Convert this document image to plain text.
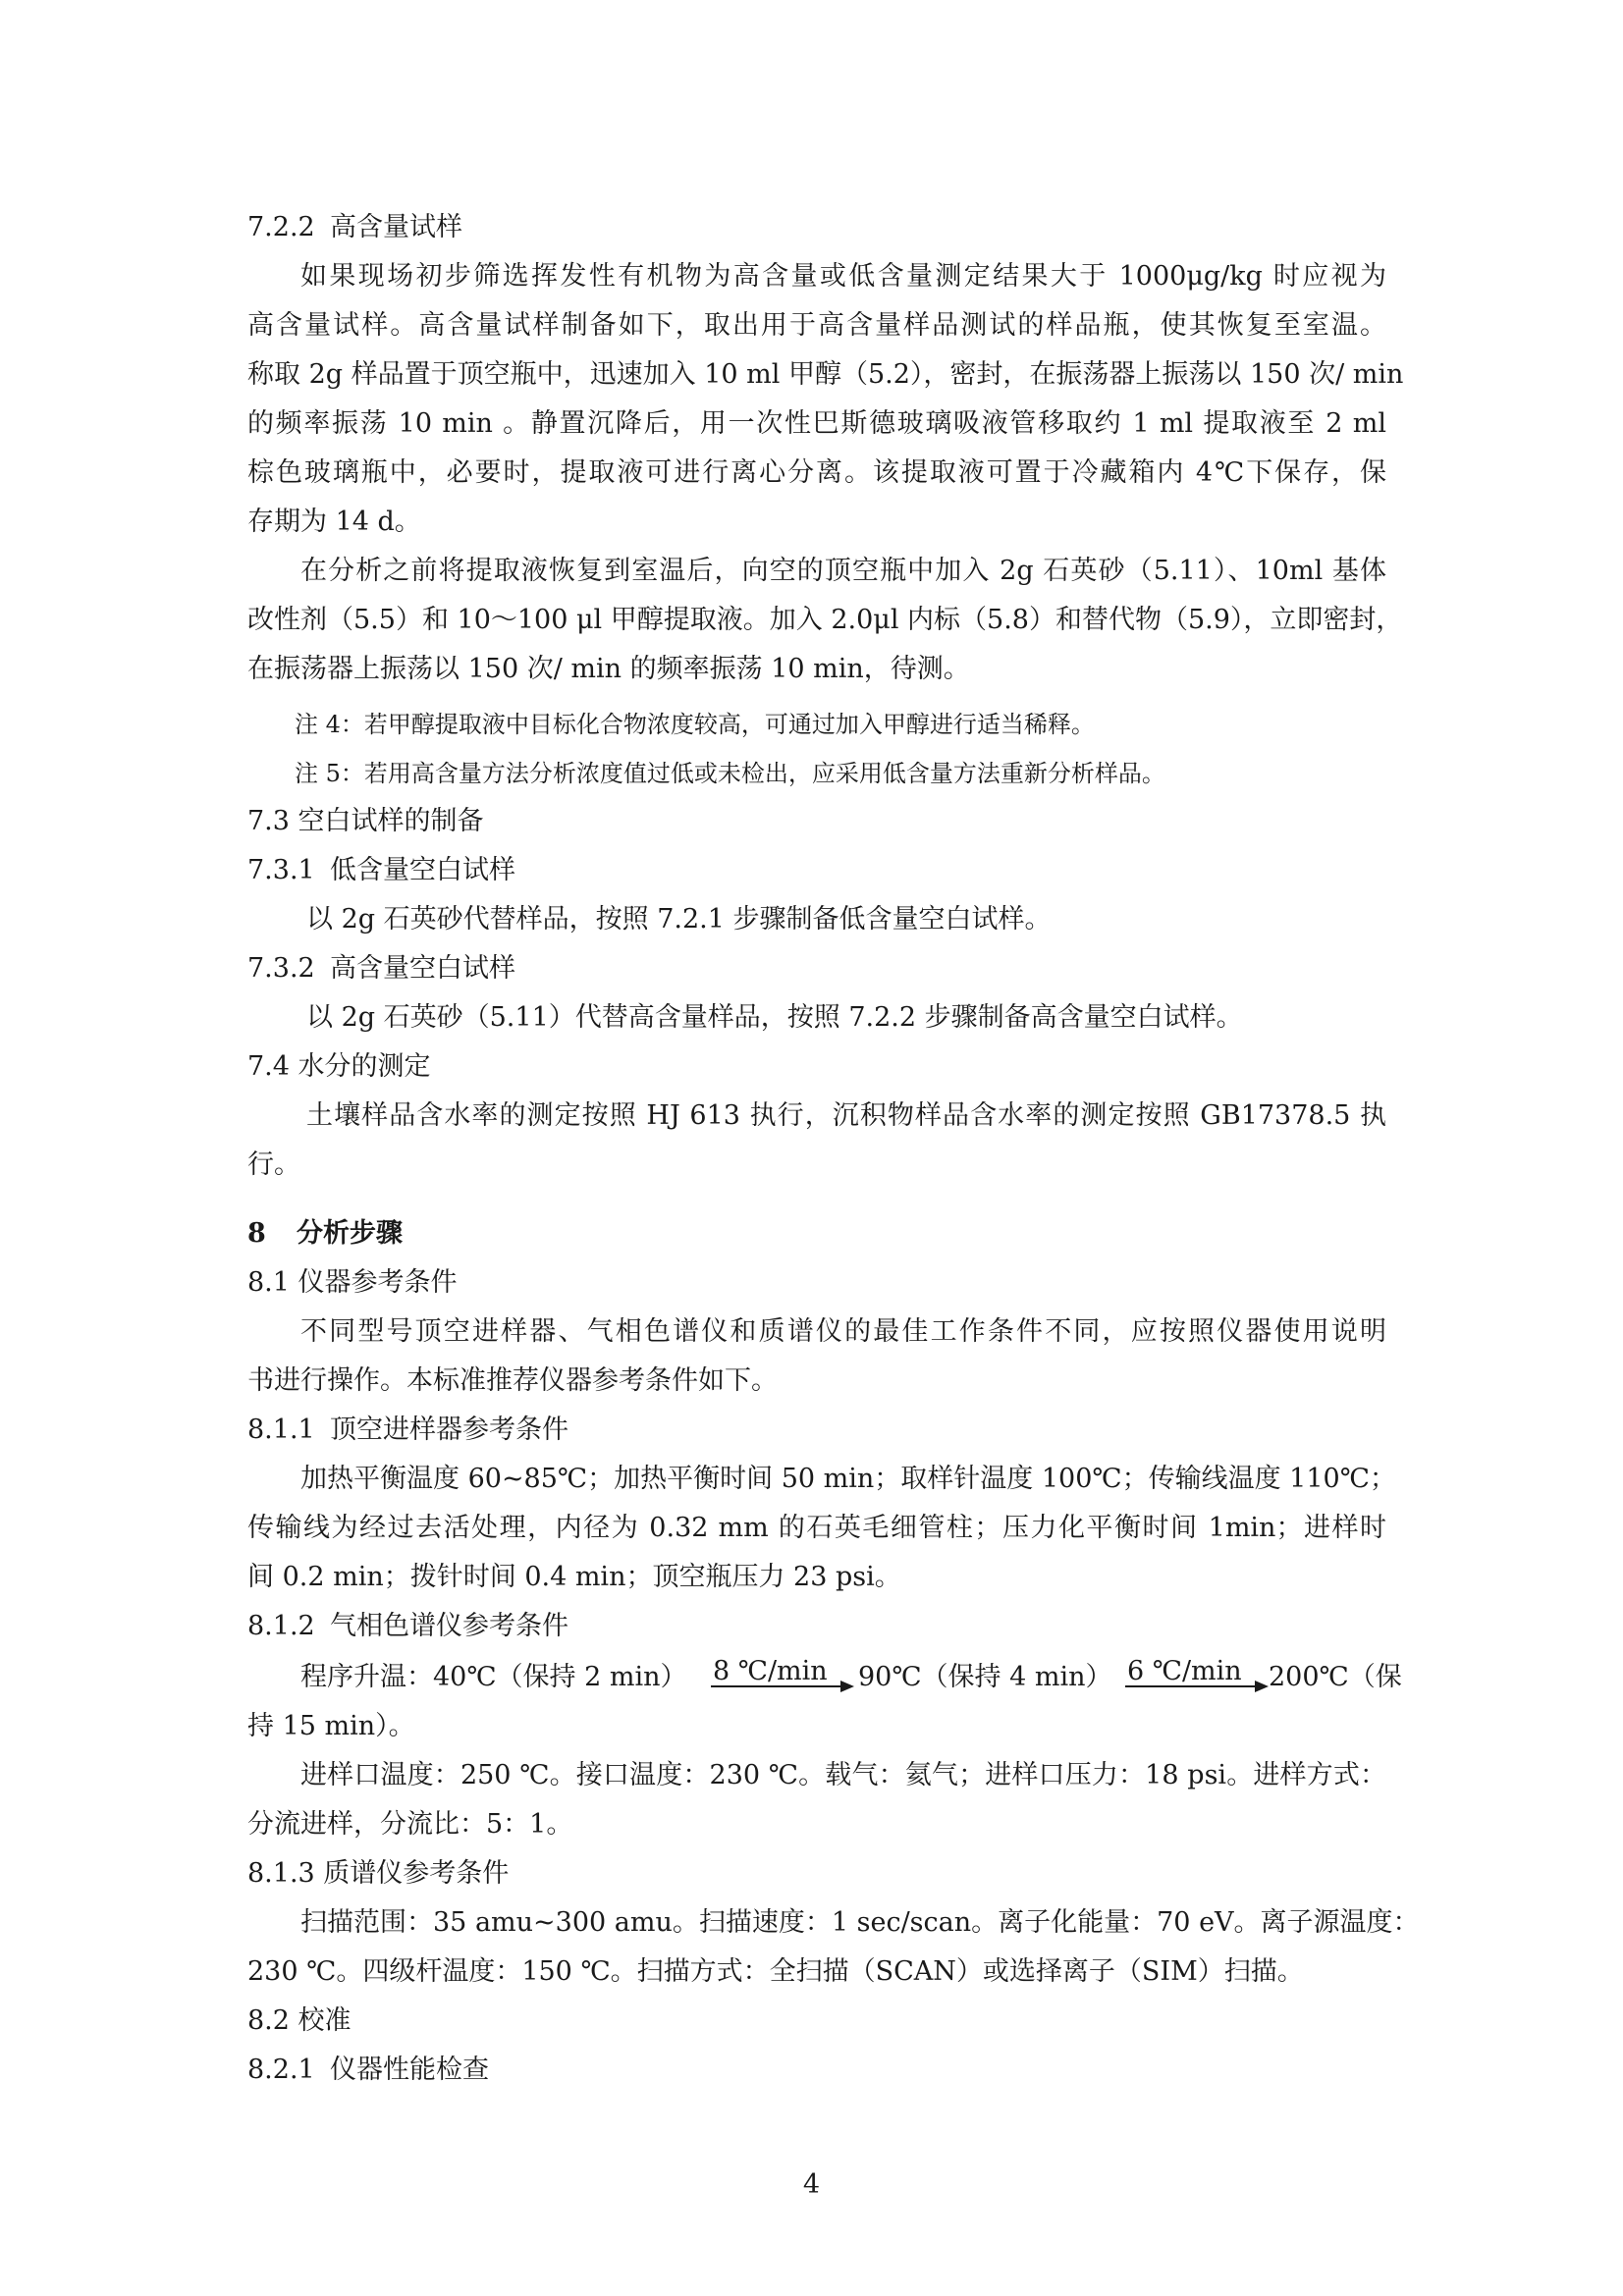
7.2.2 高含量试样
如果现场初步筛选挥发性有机物为高含量或低含量测定结果大于 1000μg/kg 时应视为
高含量试样。高含量试样制备如下，取出用于高含量样品测试的样品瓶，使其恢复至室温。
称取 2g 样品置于顶空瓶中，迅速加入 10 ml 甲醇（5.2），密封，在振荡器上振荡以 150 次/ min
的频率振荡 10 min 。静置沉降后，用一次性巴斯德玻璃吸液管移取约 1 ml 提取液至 2 ml
棕色玻璃瓶中，必要时，提取液可进行离心分离。该提取液可置于冷藏箱内 4℃下保存，保
存期为 14 d。
在分析之前将提取液恢复到室温后，向空的顶空瓶中加入 2g 石英砂（5.11）、10ml 基体
改性剂（5.5）和 10～100 μl 甲醇提取液。加入 2.0μl 内标（5.8）和替代物（5.9），立即密封，
在振荡器上振荡以 150 次/ min 的频率振荡 10 min，待测。
注 4：若甲醇提取液中目标化合物浓度较高，可通过加入甲醇进行适当稀释。
注 5：若用高含量方法分析浓度值过低或未检出，应采用低含量方法重新分析样品。
7.3 空白试样的制备
7.3.1 低含量空白试样
以 2g 石英砂代替样品，按照 7.2.1 步骤制备低含量空白试样。
7.3.2 高含量空白试样
以 2g 石英砂（5.11）代替高含量样品，按照 7.2.2 步骤制备高含量空白试样。
7.4 水分的测定
土壤样品含水率的测定按照 HJ 613 执行，沉积物样品含水率的测定按照 GB17378.5 执
行。
8 分析步骤
8.1 仪器参考条件
不同型号顶空进样器、气相色谱仪和质谱仪的最佳工作条件不同，应按照仪器使用说明
书进行操作。本标准推荐仪器参考条件如下。
8.1.1 顶空进样器参考条件
加热平衡温度 60~85℃；加热平衡时间 50 min；取样针温度 100℃；传输线温度 110℃；
传输线为经过去活处理，内径为 0.32 mm 的石英毛细管柱；压力化平衡时间 1min；进样时
间 0.2 min；拨针时间 0.4 min；顶空瓶压力 23 psi。
8.1.2 气相色谱仪参考条件
程序升温：40℃（保持 2 min） 8 ℃/min 90℃（保持 4 min） 6 ℃/min 200℃（保
持 15 min）。
进样口温度：250 ℃。接口温度：230 ℃。载气：氦气；进样口压力：18 psi。进样方式：
分流进样，分流比：5：1。
8.1.3 质谱仪参考条件
扫描范围：35 amu~300 amu。扫描速度：1 sec/scan。离子化能量：70 eV。离子源温度：
230 ℃。四级杆温度：150 ℃。扫描方式：全扫描（SCAN）或选择离子（SIM）扫描。
8.2 校准
8.2.1 仪器性能检查
4
